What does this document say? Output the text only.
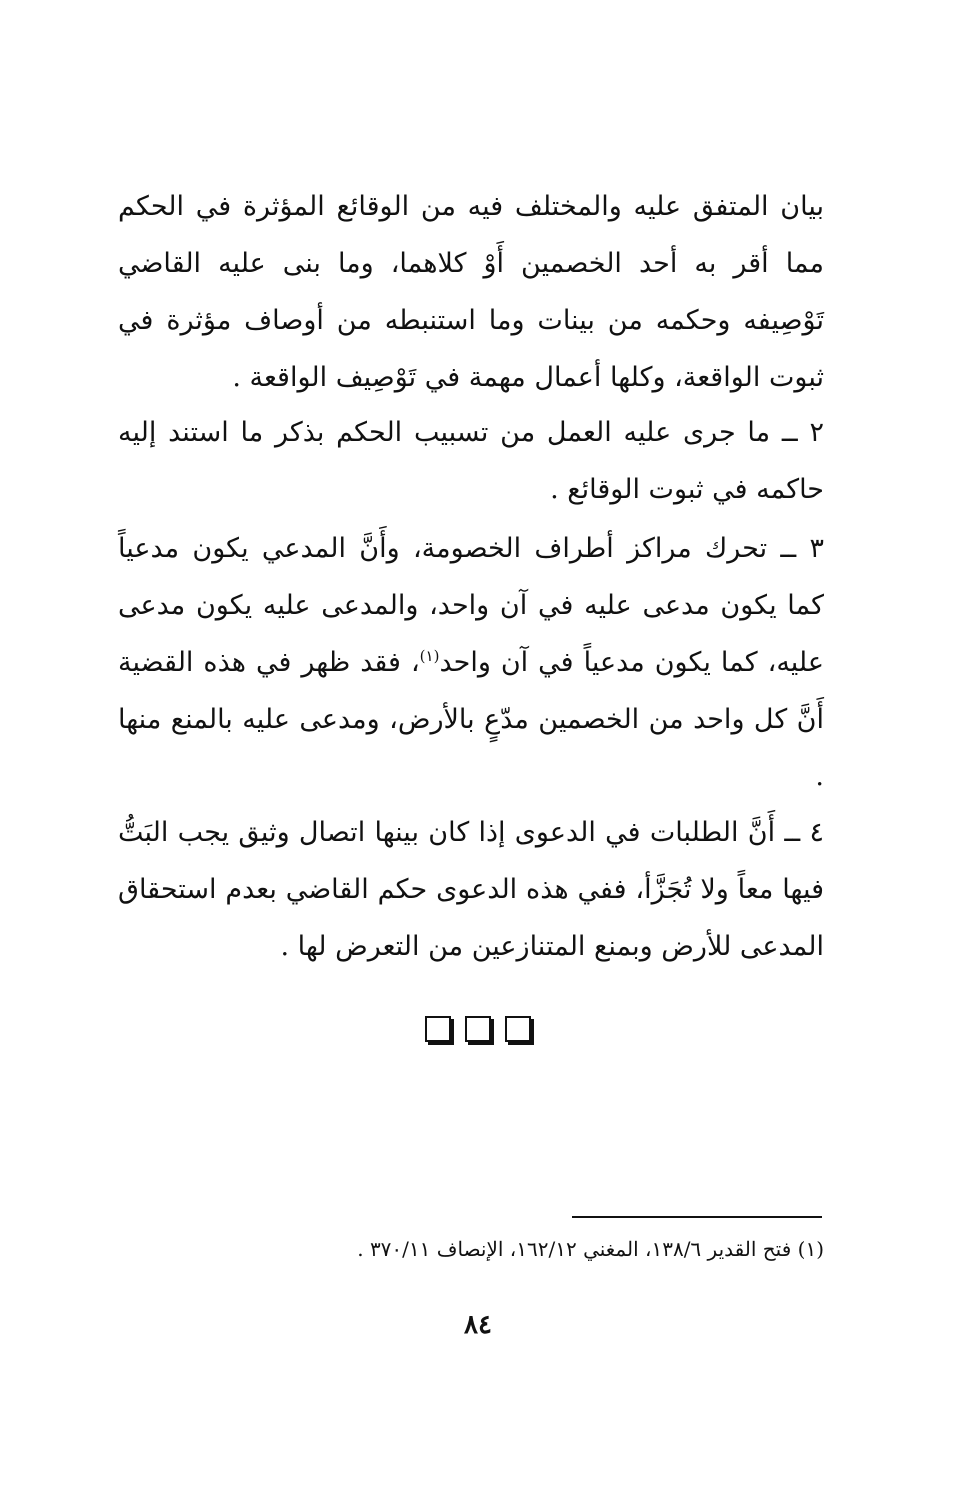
بيان المتفق عليه والمختلف فيه من الوقائع المؤثرة في الحكم مما أقر به أحد الخصمين أَوْ كلاهما، وما بنى عليه القاضي تَوْصِيفه وحكمه من بينات وما استنبطه من أوصاف مؤثرة في ثبوت الواقعة، وكلها أعمال مهمة في تَوْصِيف الواقعة .

٢ ــ ما جرى عليه العمل من تسبيب الحكم بذكر ما استند إليه حاكمه في ثبوت الوقائع .

٣ ــ تحرك مراكز أطراف الخصومة، وأَنَّ المدعي يكون مدعياً كما يكون مدعى عليه في آن واحد، والمدعى عليه يكون مدعى عليه، كما يكون مدعياً في آن واحد$^{(١)}$، فقد ظهر في هذه القضية أَنَّ كل واحد من الخصمين مدّعٍ بالأرض، ومدعى عليه بالمنع منها .

٤ ــ أَنَّ الطلبات في الدعوى إذا كان بينها اتصال وثيق يجب البَتُّ فيها معاً ولا تُجَزَّأ، ففي هذه الدعوى حكم القاضي بعدم استحقاق المدعى للأرض وبمنع المتنازعين من التعرض لها .

(١) فتح القدير ١٣٨/٦، المغني ١٦٢/١٢، الإنصاف ٣٧٠/١١ .
٨٤
